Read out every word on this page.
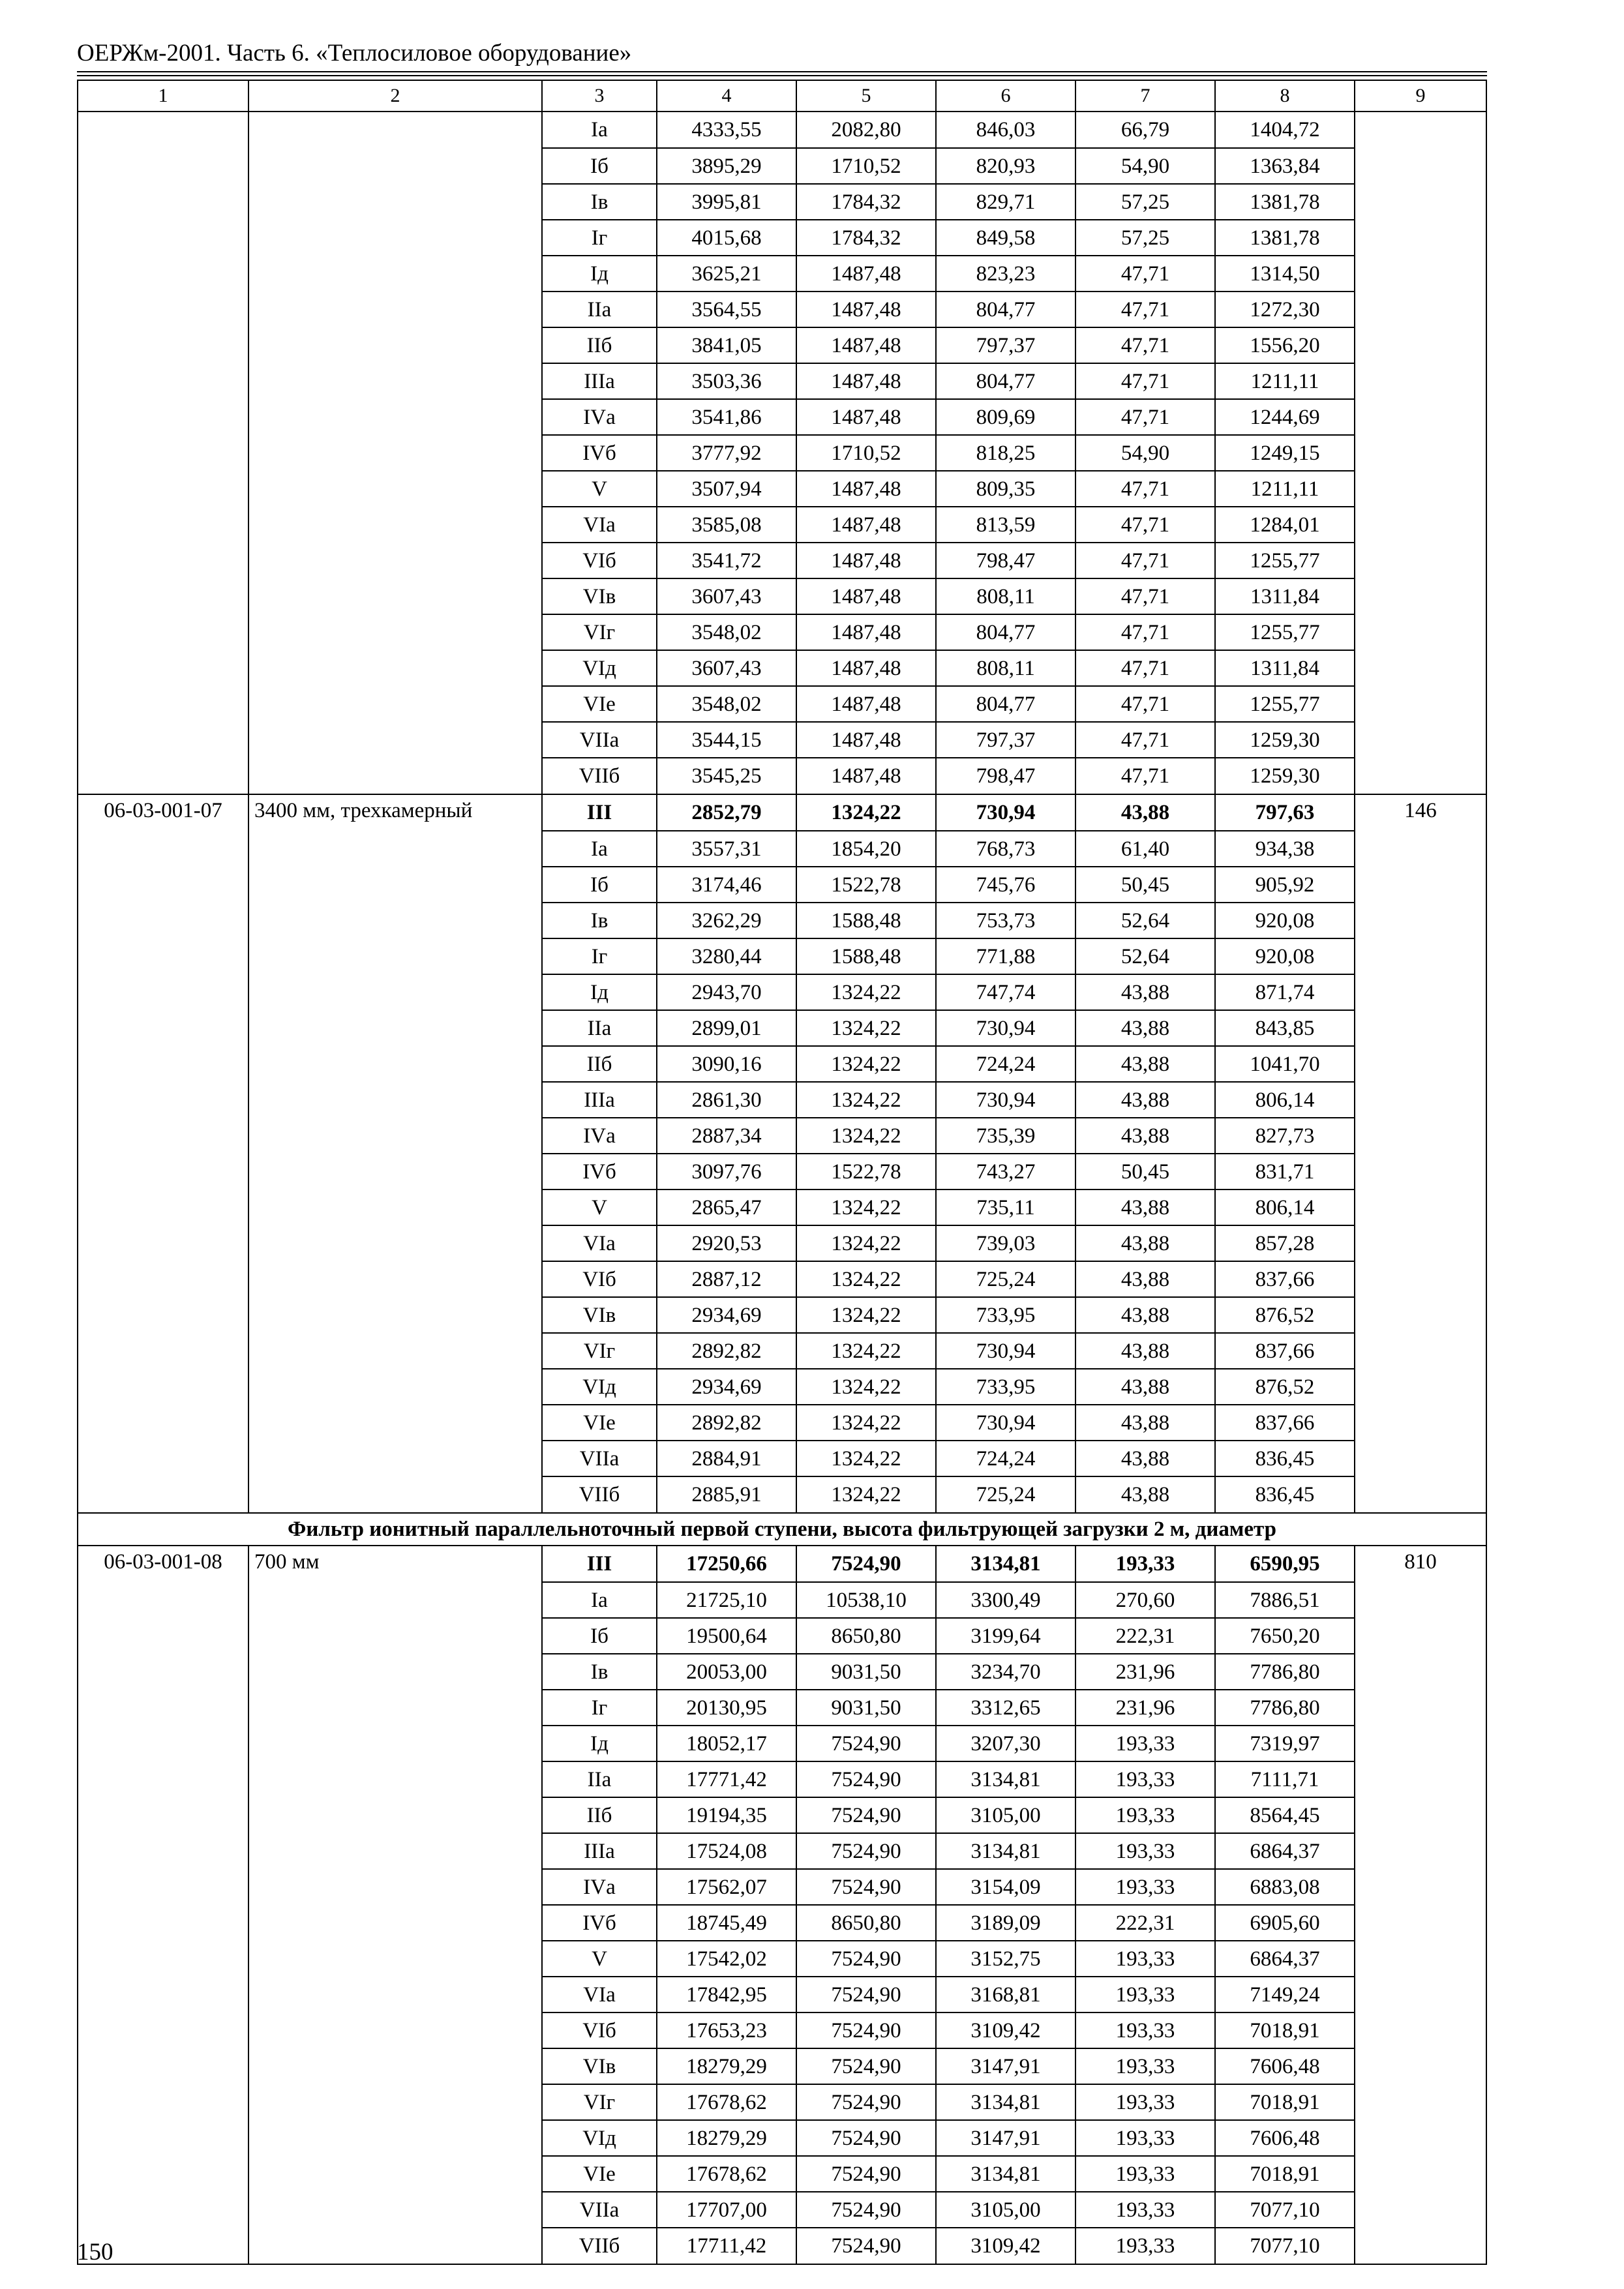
ОЕРЖм-2001. Часть 6. «Теплосиловое оборудование»
1	2	3	4	5	6	7	8	9
		Iа	4333,55	2082,80	846,03	66,79	1404,72	
		Iб	3895,29	1710,52	820,93	54,90	1363,84	
		Iв	3995,81	1784,32	829,71	57,25	1381,78	
		Iг	4015,68	1784,32	849,58	57,25	1381,78	
		Iд	3625,21	1487,48	823,23	47,71	1314,50	
		IIа	3564,55	1487,48	804,77	47,71	1272,30	
		IIб	3841,05	1487,48	797,37	47,71	1556,20	
		IIIа	3503,36	1487,48	804,77	47,71	1211,11	
		IVа	3541,86	1487,48	809,69	47,71	1244,69	
		IVб	3777,92	1710,52	818,25	54,90	1249,15	
		V	3507,94	1487,48	809,35	47,71	1211,11	
		VIа	3585,08	1487,48	813,59	47,71	1284,01	
		VIб	3541,72	1487,48	798,47	47,71	1255,77	
		VIв	3607,43	1487,48	808,11	47,71	1311,84	
		VIг	3548,02	1487,48	804,77	47,71	1255,77	
		VIд	3607,43	1487,48	808,11	47,71	1311,84	
		VIе	3548,02	1487,48	804,77	47,71	1255,77	
		VIIа	3544,15	1487,48	797,37	47,71	1259,30	
		VIIб	3545,25	1487,48	798,47	47,71	1259,30	
06-03-001-07	3400 мм, трехкамерный	III	2852,79	1324,22	730,94	43,88	797,63	146
		Iа	3557,31	1854,20	768,73	61,40	934,38	
		Iб	3174,46	1522,78	745,76	50,45	905,92	
		Iв	3262,29	1588,48	753,73	52,64	920,08	
		Iг	3280,44	1588,48	771,88	52,64	920,08	
		Iд	2943,70	1324,22	747,74	43,88	871,74	
		IIа	2899,01	1324,22	730,94	43,88	843,85	
		IIб	3090,16	1324,22	724,24	43,88	1041,70	
		IIIа	2861,30	1324,22	730,94	43,88	806,14	
		IVа	2887,34	1324,22	735,39	43,88	827,73	
		IVб	3097,76	1522,78	743,27	50,45	831,71	
		V	2865,47	1324,22	735,11	43,88	806,14	
		VIа	2920,53	1324,22	739,03	43,88	857,28	
		VIб	2887,12	1324,22	725,24	43,88	837,66	
		VIв	2934,69	1324,22	733,95	43,88	876,52	
		VIг	2892,82	1324,22	730,94	43,88	837,66	
		VIд	2934,69	1324,22	733,95	43,88	876,52	
		VIе	2892,82	1324,22	730,94	43,88	837,66	
		VIIа	2884,91	1324,22	724,24	43,88	836,45	
		VIIб	2885,91	1324,22	725,24	43,88	836,45	
Фильтр ионитный параллельноточный первой ступени, высота фильтрующей загрузки 2 м, диаметр								
06-03-001-08	700 мм	III	17250,66	7524,90	3134,81	193,33	6590,95	810
		Iа	21725,10	10538,10	3300,49	270,60	7886,51	
		Iб	19500,64	8650,80	3199,64	222,31	7650,20	
		Iв	20053,00	9031,50	3234,70	231,96	7786,80	
		Iг	20130,95	9031,50	3312,65	231,96	7786,80	
		Iд	18052,17	7524,90	3207,30	193,33	7319,97	
		IIа	17771,42	7524,90	3134,81	193,33	7111,71	
		IIб	19194,35	7524,90	3105,00	193,33	8564,45	
		IIIа	17524,08	7524,90	3134,81	193,33	6864,37	
		IVа	17562,07	7524,90	3154,09	193,33	6883,08	
		IVб	18745,49	8650,80	3189,09	222,31	6905,60	
		V	17542,02	7524,90	3152,75	193,33	6864,37	
		VIа	17842,95	7524,90	3168,81	193,33	7149,24	
		VIб	17653,23	7524,90	3109,42	193,33	7018,91	
		VIв	18279,29	7524,90	3147,91	193,33	7606,48	
		VIг	17678,62	7524,90	3134,81	193,33	7018,91	
		VIд	18279,29	7524,90	3147,91	193,33	7606,48	
		VIе	17678,62	7524,90	3134,81	193,33	7018,91	
		VIIа	17707,00	7524,90	3105,00	193,33	7077,10	
		VIIб	17711,42	7524,90	3109,42	193,33	7077,10	
150
